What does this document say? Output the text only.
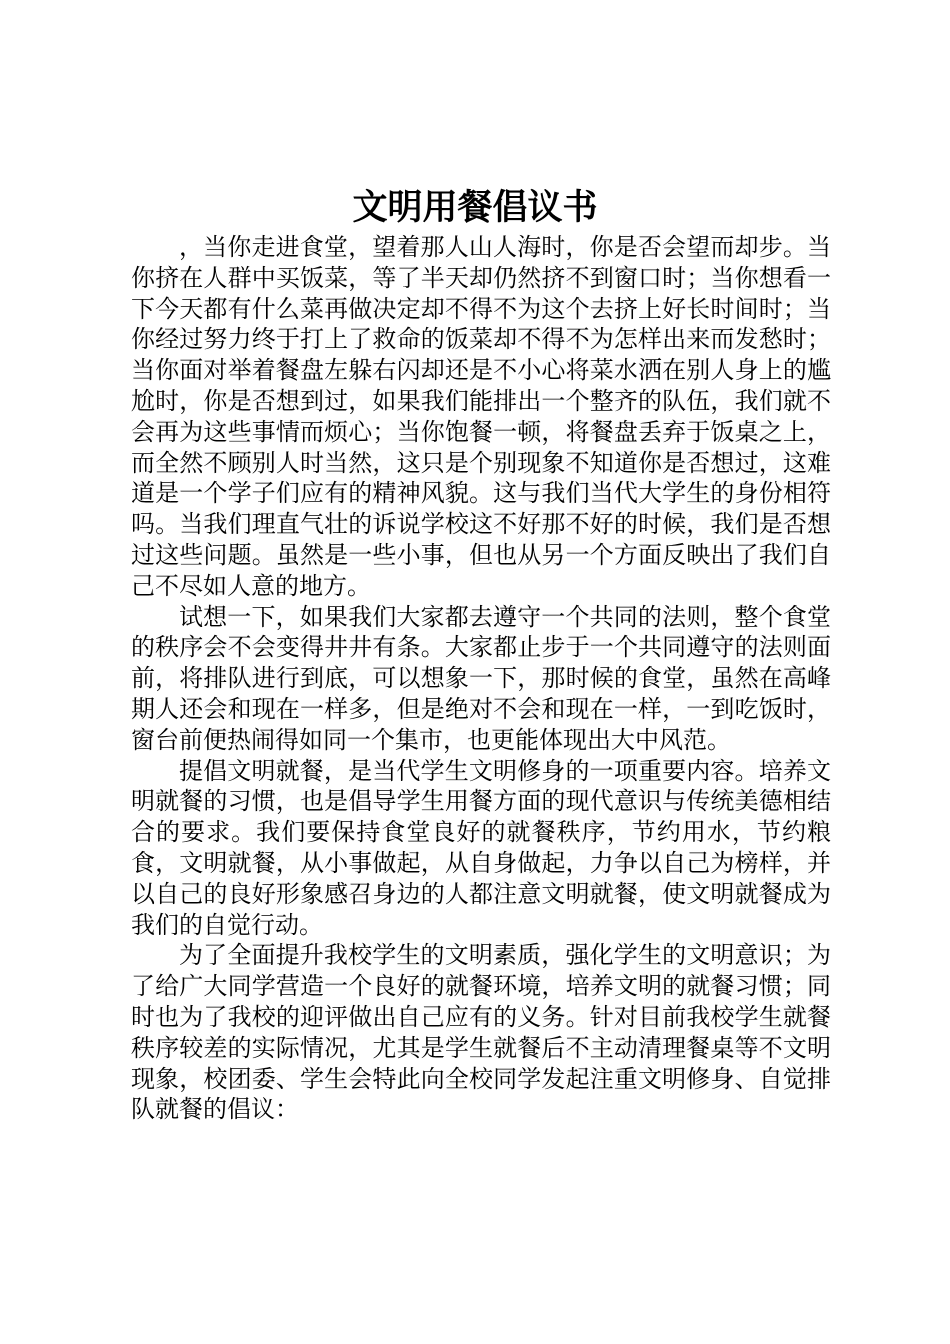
文明用餐倡议书

，当你走进食堂，望着那人山人海时，你是否会望而却步。当你挤在人群中买饭菜，等了半天却仍然挤不到窗口时；当你想看一下今天都有什么菜再做决定却不得不为这个去挤上好长时间时；当你经过努力终于打上了救命的饭菜却不得不为怎样出来而发愁时；当你面对举着餐盘左躲右闪却还是不小心将菜水洒在别人身上的尴尬时，你是否想到过，如果我们能排出一个整齐的队伍，我们就不会再为这些事情而烦心；当你饱餐一顿，将餐盘丢弃于饭桌之上，而全然不顾别人时当然，这只是个别现象不知道你是否想过，这难道是一个学子们应有的精神风貌。这与我们当代大学生的身份相符吗。当我们理直气壮的诉说学校这不好那不好的时候，我们是否想过这些问题。虽然是一些小事，但也从另一个方面反映出了我们自己不尽如人意的地方。

试想一下，如果我们大家都去遵守一个共同的法则，整个食堂的秩序会不会变得井井有条。大家都止步于一个共同遵守的法则面前，将排队进行到底，可以想象一下，那时候的食堂，虽然在高峰期人还会和现在一样多，但是绝对不会和现在一样，一到吃饭时，窗台前便热闹得如同一个集市，也更能体现出大中风范。

提倡文明就餐，是当代学生文明修身的一项重要内容。培养文明就餐的习惯，也是倡导学生用餐方面的现代意识与传统美德相结合的要求。我们要保持食堂良好的就餐秩序，节约用水，节约粮食，文明就餐，从小事做起，从自身做起，力争以自己为榜样，并以自己的良好形象感召身边的人都注意文明就餐，使文明就餐成为我们的自觉行动。

为了全面提升我校学生的文明素质，强化学生的文明意识；为了给广大同学营造一个良好的就餐环境，培养文明的就餐习惯；同时也为了我校的迎评做出自己应有的义务。针对目前我校学生就餐秩序较差的实际情况，尤其是学生就餐后不主动清理餐桌等不文明现象，校团委、学生会特此向全校同学发起注重文明修身、自觉排队就餐的倡议：
